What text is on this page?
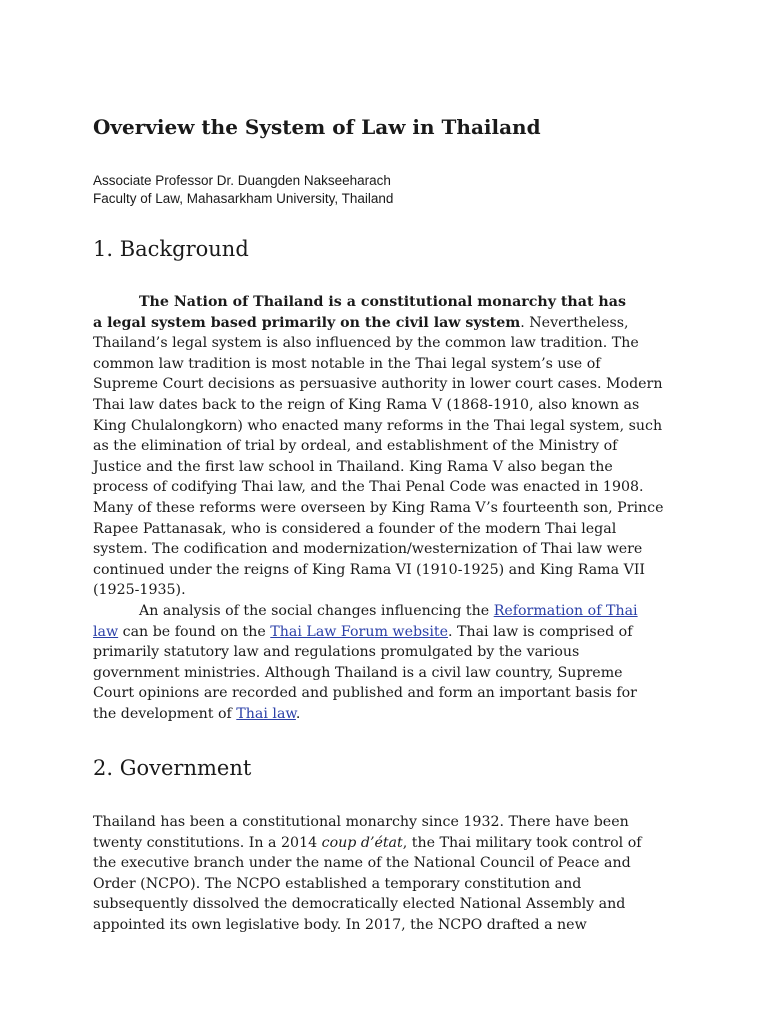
Overview the System of Law in Thailand
Associate Professor Dr. Duangden Nakseeharach
Faculty of Law, Mahasarkham University, Thailand
1. Background
The Nation of Thailand is a constitutional monarchy that has
a legal system based primarily on the civil law system. Nevertheless,
Thailand’s legal system is also influenced by the common law tradition. The
common law tradition is most notable in the Thai legal system’s use of
Supreme Court decisions as persuasive authority in lower court cases. Modern
Thai law dates back to the reign of King Rama V (1868-1910, also known as
King Chulalongkorn) who enacted many reforms in the Thai legal system, such
as the elimination of trial by ordeal, and establishment of the Ministry of
Justice and the first law school in Thailand. King Rama V also began the
process of codifying Thai law, and the Thai Penal Code was enacted in 1908.
Many of these reforms were overseen by King Rama V’s fourteenth son, Prince
Rapee Pattanasak, who is considered a founder of the modern Thai legal
system. The codification and modernization/westernization of Thai law were
continued under the reigns of King Rama VI (1910-1925) and King Rama VII
(1925-1935).
An analysis of the social changes influencing the Reformation of Thai
law can be found on the Thai Law Forum website. Thai law is comprised of
primarily statutory law and regulations promulgated by the various
government ministries. Although Thailand is a civil law country, Supreme
Court opinions are recorded and published and form an important basis for
the development of Thai law.
2. Government
Thailand has been a constitutional monarchy since 1932. There have been
twenty constitutions. In a 2014 coup d’état, the Thai military took control of
the executive branch under the name of the National Council of Peace and
Order (NCPO). The NCPO established a temporary constitution and
subsequently dissolved the democratically elected National Assembly and
appointed its own legislative body. In 2017, the NCPO drafted a new
